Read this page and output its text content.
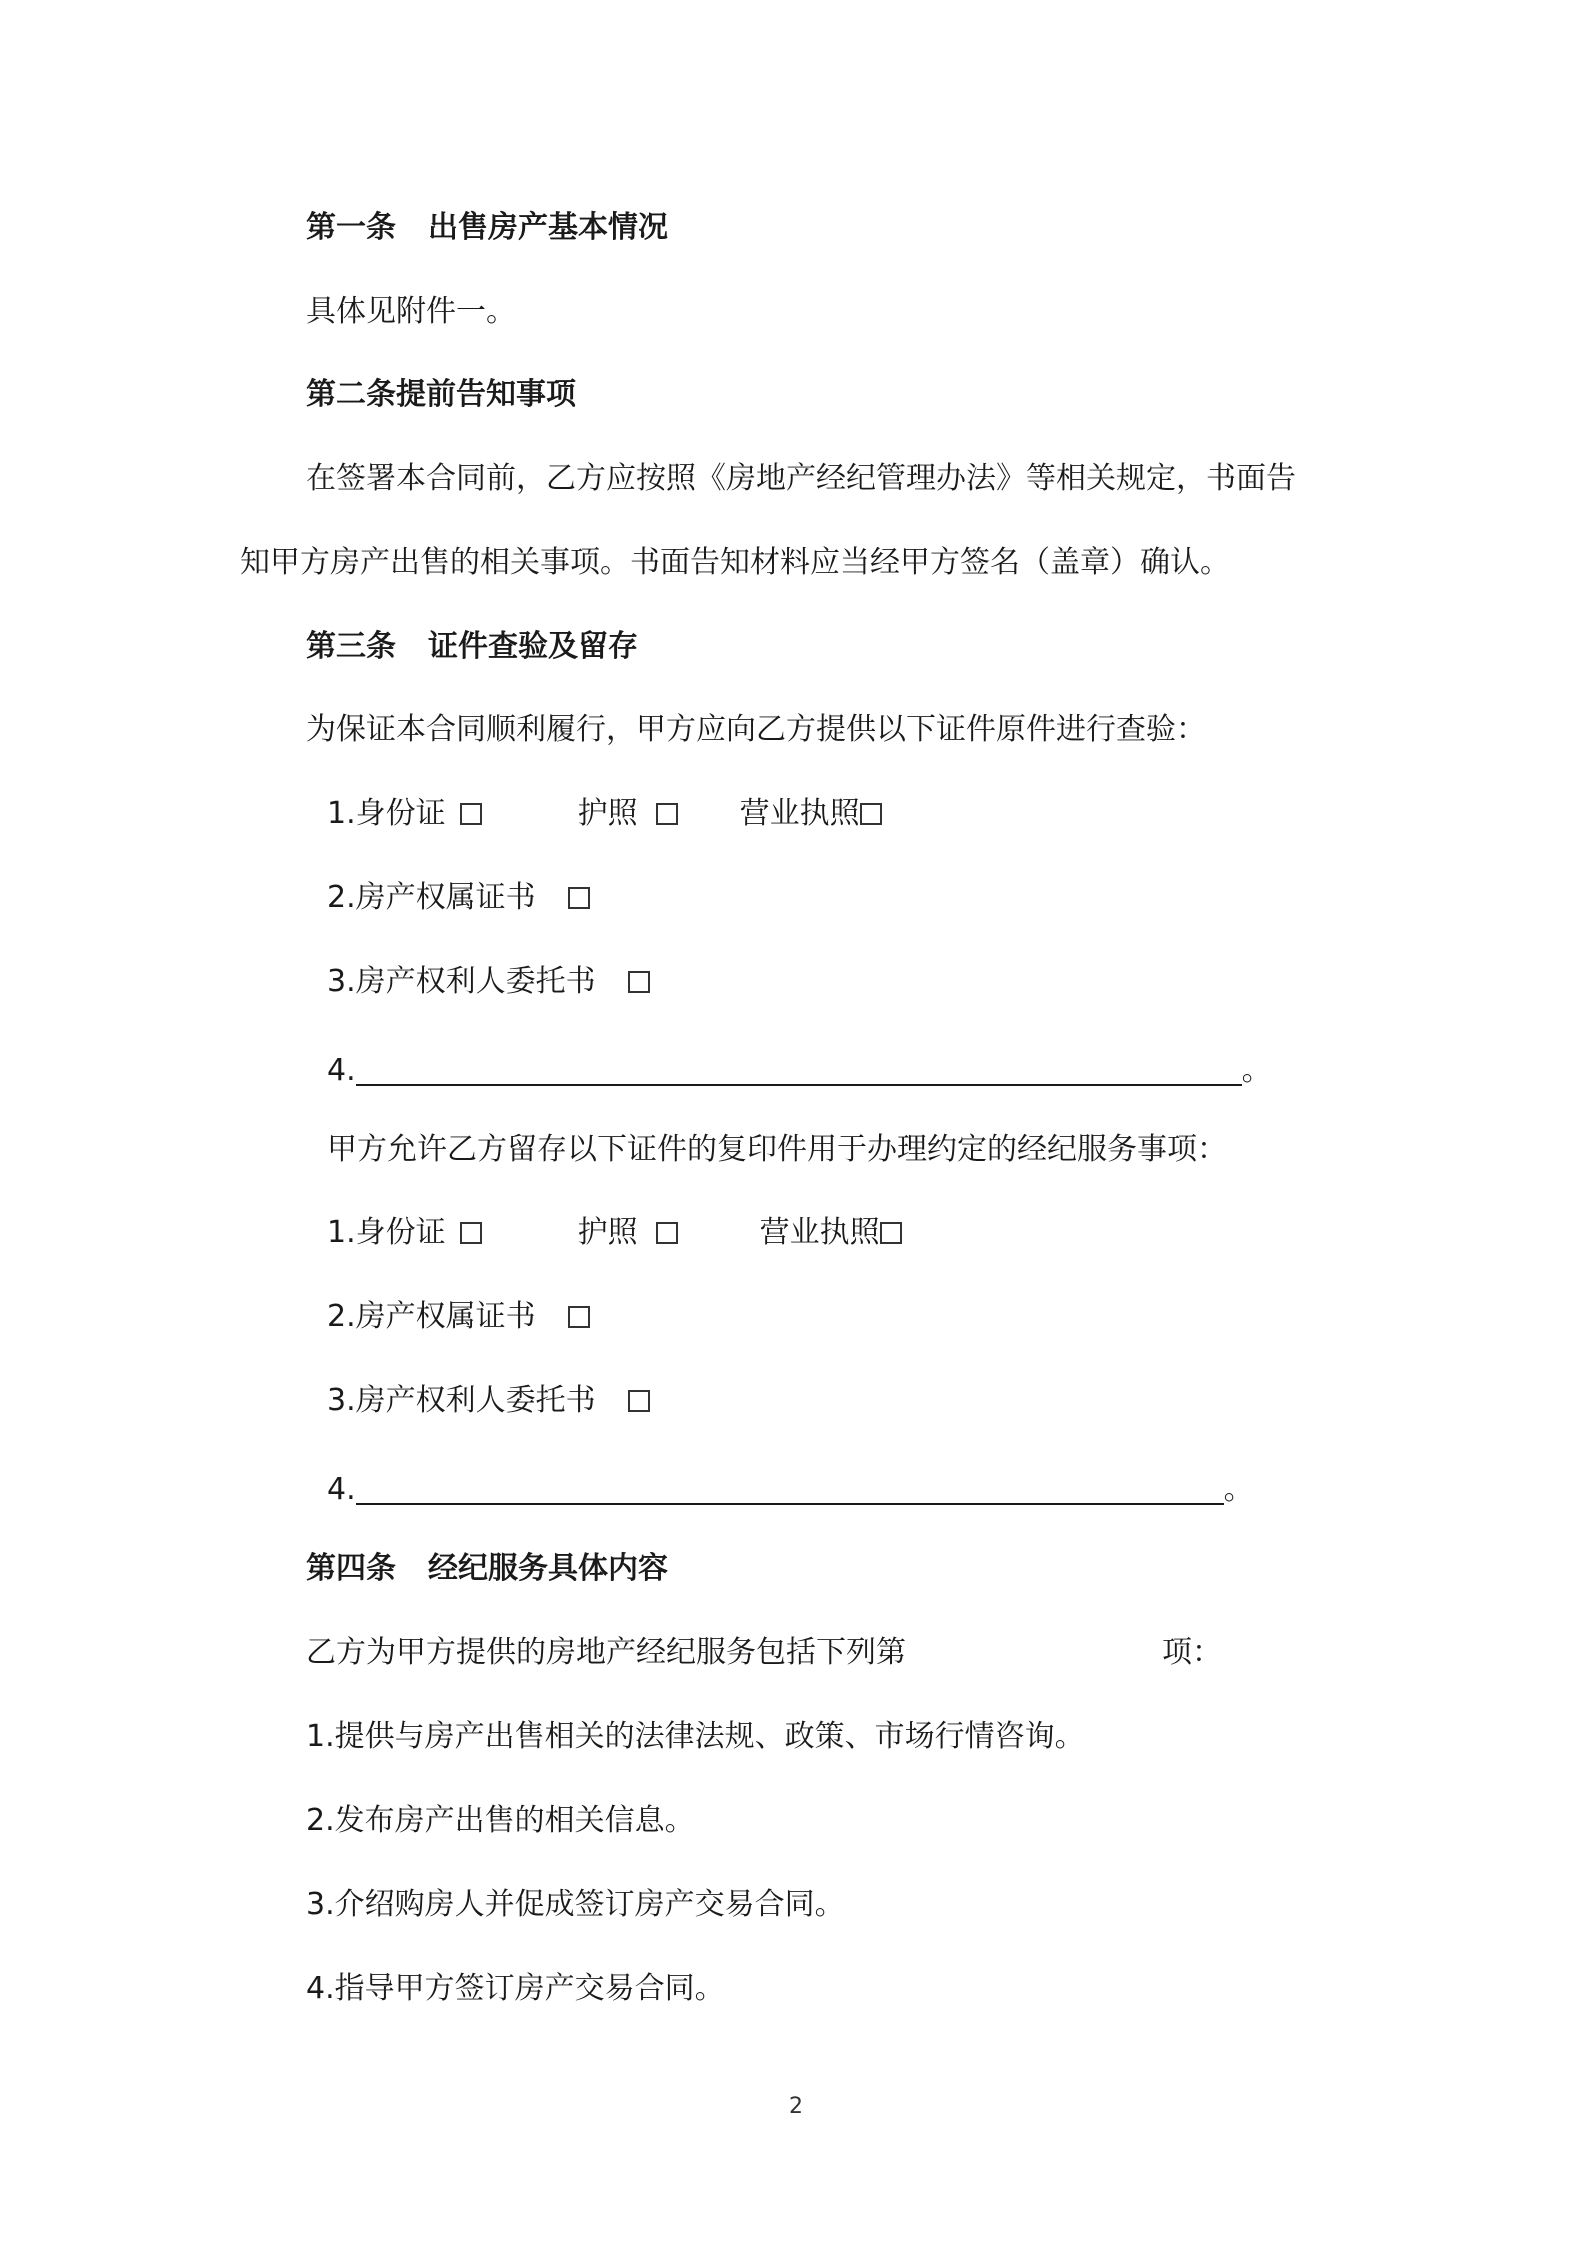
第一条 出售房产基本情况
具体见附件一。
第二条提前告知事项
在签署本合同前，乙方应按照《房地产经纪管理办法》等相关规定，书面告
知甲方房产出售的相关事项。书面告知材料应当经甲方签名（盖章）确认。
第三条 证件查验及留存
为保证本合同顺利履行，甲方应向乙方提供以下证件原件进行查验：
1.身份证	护照	营业执照
2.房产权属证书
3.房产权利人委托书
4.	。
甲方允许乙方留存以下证件的复印件用于办理约定的经纪服务事项：
1.身份证	护照	营业执照
2.房产权属证书
3.房产权利人委托书
4.	。
第四条 经纪服务具体内容
乙方为甲方提供的房地产经纪服务包括下列第	项：
1.提供与房产出售相关的法律法规、政策、市场行情咨询。
2.发布房产出售的相关信息。
3.介绍购房人并促成签订房产交易合同。
4.指导甲方签订房产交易合同。
2
